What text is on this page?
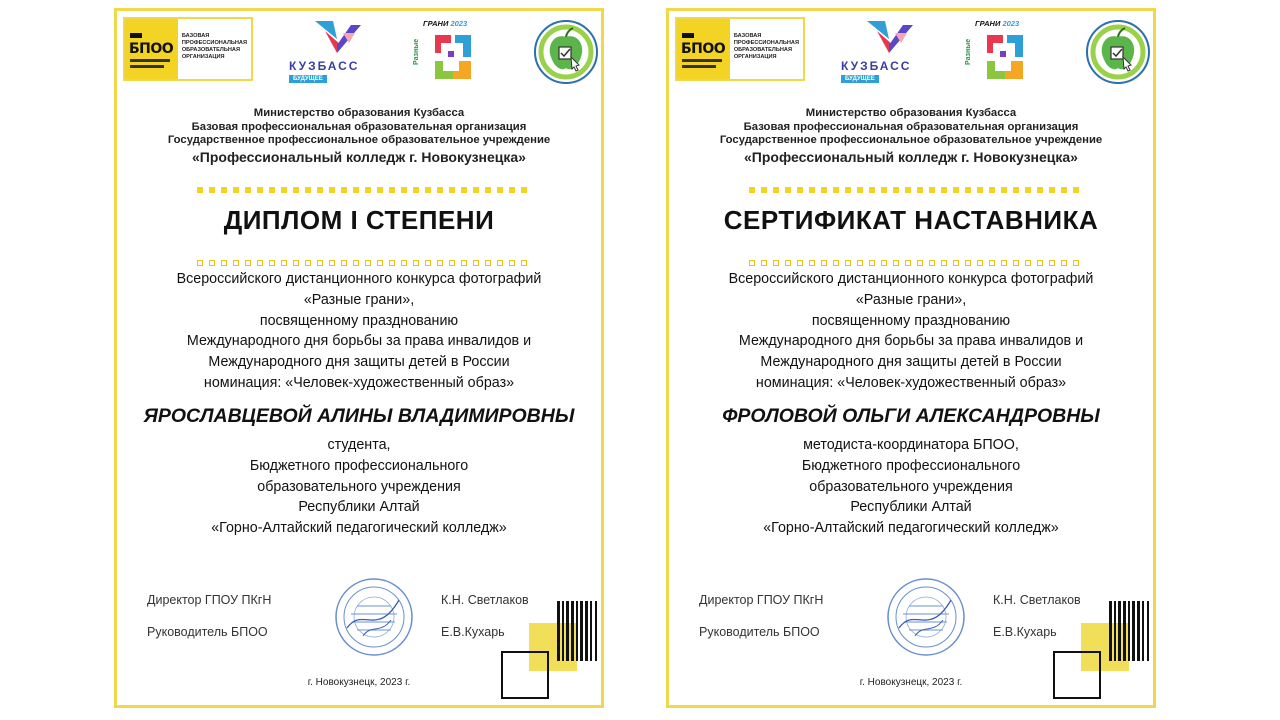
БПОО
БАЗОВАЯ
ПРОФЕССИОНАЛЬНАЯ
ОБРАЗОВАТЕЛЬНАЯ
ОРГАНИЗАЦИЯ
КУЗБАСС
БУДУЩЕЕ
ГРАНИ 2023
Разные
Министерство образования Кузбасса
Базовая профессиональная образовательная организация
Государственное профессиональное образовательное учреждение
«Профессиональный колледж г. Новокузнецка»
ДИПЛОМ I СТЕПЕНИ
Всероссийского дистанционного конкурса фотографий
«Разные грани»,
посвященному празднованию
Международного дня борьбы за права инвалидов и
Международного дня защиты детей в России
номинация: «Человек-художественный образ»
ЯРОСЛАВЦЕВОЙ АЛИНЫ ВЛАДИМИРОВНЫ
студента,
Бюджетного профессионального
образовательного учреждения
Республики Алтай
«Горно-Алтайский педагогический колледж»
Директор ГПОУ ПКгН
Руководитель БПОО
К.Н. Светлаков
Е.В.Кухарь
г. Новокузнецк, 2023 г.
БПОО
БАЗОВАЯ
ПРОФЕССИОНАЛЬНАЯ
ОБРАЗОВАТЕЛЬНАЯ
ОРГАНИЗАЦИЯ
КУЗБАСС
БУДУЩЕЕ
ГРАНИ 2023
Разные
Министерство образования Кузбасса
Базовая профессиональная образовательная организация
Государственное профессиональное образовательное учреждение
«Профессиональный колледж г. Новокузнецка»
СЕРТИФИКАТ НАСТАВНИКА
Всероссийского дистанционного конкурса фотографий
«Разные грани»,
посвященному празднованию
Международного дня борьбы за права инвалидов и
Международного дня защиты детей в России
номинация: «Человек-художественный образ»
ФРОЛОВОЙ ОЛЬГИ АЛЕКСАНДРОВНЫ
методиста-координатора БПОО,
Бюджетного профессионального
образовательного учреждения
Республики Алтай
«Горно-Алтайский педагогический колледж»
Директор ГПОУ ПКгН
Руководитель БПОО
К.Н. Светлаков
Е.В.Кухарь
г. Новокузнецк, 2023 г.
